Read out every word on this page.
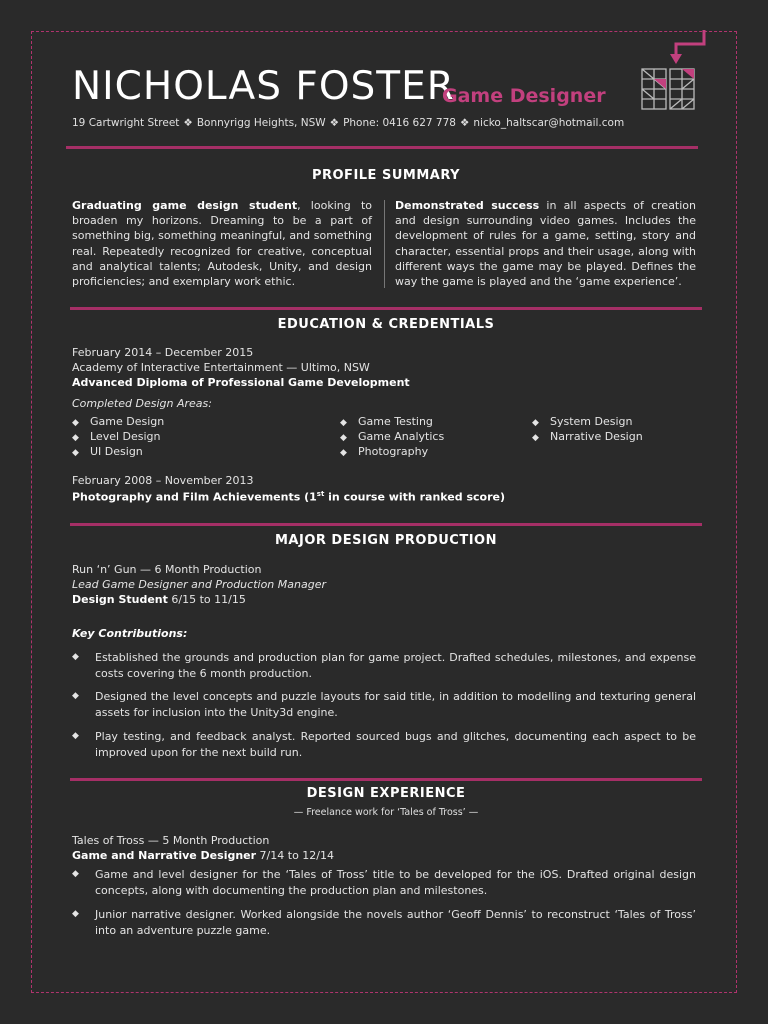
NICHOLAS FOSTER
Game Designer
19 Cartwright Street ❖ Bonnyrigg Heights, NSW ❖ Phone: 0416 627 778 ❖ nicko_haltscar@hotmail.com
PROFILE SUMMARY
Graduating game design student, looking to broaden my horizons. Dreaming to be a part of something big, something meaningful, and something real. Repeatedly recognized for creative, conceptual and analytical talents; Autodesk, Unity, and design proficiencies; and exemplary work ethic.
Demonstrated success in all aspects of creation and design surrounding video games. Includes the development of rules for a game, setting, story and character, essential props and their usage, along with different ways the game may be played. Defines the way the game is played and the ‘game experience’.
EDUCATION & CREDENTIALS
February 2014 – December 2015
Academy of Interactive Entertainment — Ultimo, NSW
Advanced Diploma of Professional Game Development
Completed Design Areas:
◆ Game Design
◆ Level Design
◆ UI Design
◆ Game Testing
◆ Game Analytics
◆ Photography
◆ System Design
◆ Narrative Design
February 2008 – November 2013
Photography and Film Achievements (1st in course with ranked score)
MAJOR DESIGN PRODUCTION
Run ‘n’ Gun — 6 Month Production
Lead Game Designer and Production Manager
Design Student 6/15 to 11/15
Key Contributions:
◆ Established the grounds and production plan for game project. Drafted schedules, milestones, and expense costs covering the 6 month production.
◆ Designed the level concepts and puzzle layouts for said title, in addition to modelling and texturing general assets for inclusion into the Unity3d engine.
◆ Play testing, and feedback analyst. Reported sourced bugs and glitches, documenting each aspect to be improved upon for the next build run.
DESIGN EXPERIENCE
— Freelance work for ‘Tales of Tross’ —
Tales of Tross — 5 Month Production
Game and Narrative Designer 7/14 to 12/14
◆ Game and level designer for the ‘Tales of Tross’ title to be developed for the iOS. Drafted original design concepts, along with documenting the production plan and milestones.
◆ Junior narrative designer. Worked alongside the novels author ‘Geoff Dennis’ to reconstruct ‘Tales of Tross’ into an adventure puzzle game.
